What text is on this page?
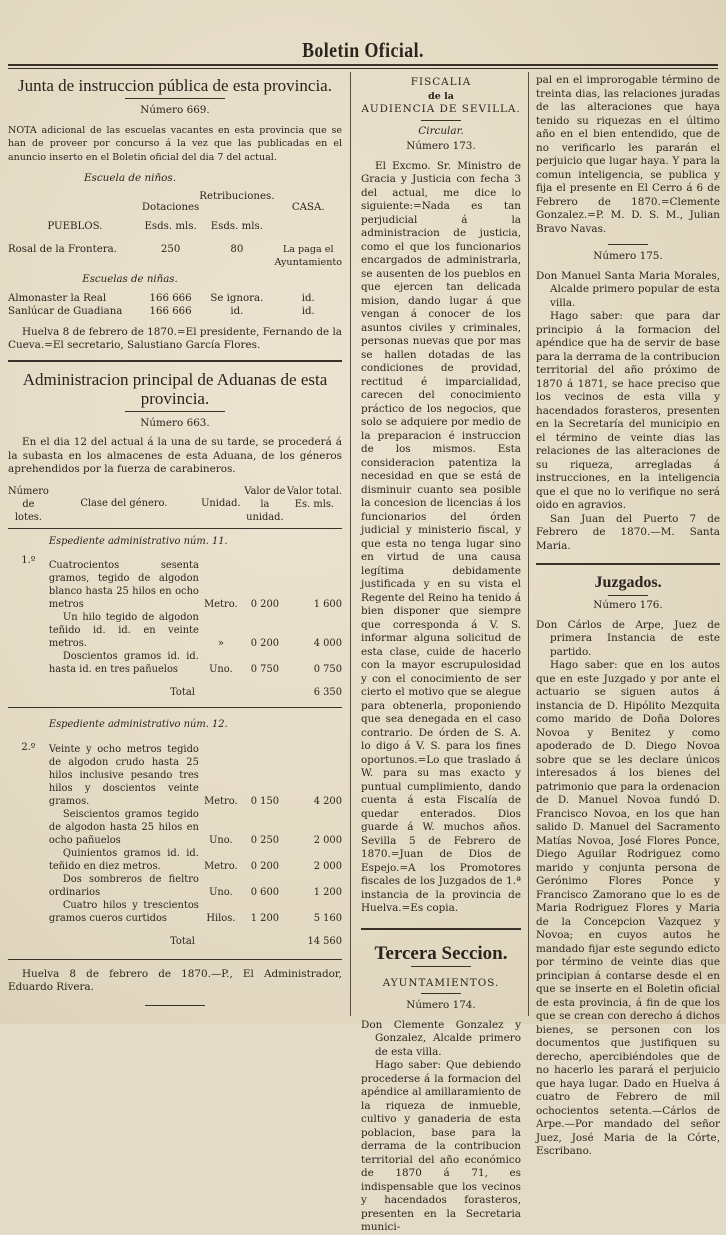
Boletin Oficial.
Junta de instruccion pública de esta provincia.
Número 669.

NOTA adicional de las escuelas vacantes en esta provincia que se han de proveer por concurso á la vez que las publicadas en el anuncio inserto en el Boletin oficial del dia 7 del actual.

Escuela de niños.
	Dotaciones	Retribuciones.	CASA.
PUEBLOS.	Esds. mls.	Esds. mls.	

Rosal de la Frontera.	250	80	La paga el Ayuntamiento
Escuelas de niñas.			
Almonaster la Real	166 666	Se ignora.	id.
Sanlúcar de Guadiana	166 666	id.	id.

Huelva 8 de febrero de 1870.=El presidente, Fernando de la Cueva.=El secretario, Salustiano García Flores.

Administracion principal de Aduanas de esta provincia.
Número 663.

En el dia 12 del actual á la una de su tarde, se procederá á la subasta en los almacenes de esta Aduana, de los géneros aprehendidos por la fuerza de carabineros.

Número de lotes.	Clase del género.	Unidad.	Valor de la unidad.	Valor total. Es. mls.

	Espediente administrativo núm. 11.			
1.º	Cuatrocientos sesenta gramos, tegido de algodon blanco hasta 25 hilos en ocho metros	Metro.	0 200	1 600
	Un hilo tegido de algodon teñido id. id. en veinte metros.	»	0 200	4 000
	Doscientos gramos id. id. hasta id. en tres pañuelos	Uno.	0 750	0 750
	Total			6 350

	Espediente administrativo núm. 12.			
2.º	Veinte y ocho metros tegido de algodon crudo hasta 25 hilos inclusive pesando tres hilos y doscientos veinte gramos.	Metro.	0 150	4 200
	Seiscientos gramos tegido de algodon hasta 25 hilos en ocho pañuelos	Uno.	0 250	2 000
	Quinientos gramos id. id. teñido en diez metros.	Metro.	0 200	2 000
	Dos sombreros de fieltro ordinarios	Uno.	0 600	1 200
	Cuatro hilos y trescientos gramos cueros curtidos	Hilos.	1 200	5 160
	Total			14 560

Huelva 8 de febrero de 1870.—P., El Administrador, Eduardo Rivera.

FISCALIA
de la
AUDIENCIA DE SEVILLA.
Circular.
Número 173.

El Excmo. Sr. Ministro de Gracia y Justicia con fecha 3 del actual, me dice lo siguiente:=Nada es tan perjudicial á la administracion de justicia, como el que los funcionarios encargados de administrarla, se ausenten de los pueblos en que ejercen tan delicada mision, dando lugar á que vengan á conocer de los asuntos civiles y criminales, personas nuevas que por mas se hallen dotadas de las condiciones de providad, rectitud é imparcialidad, carecen del conocimiento práctico de los negocios, que solo se adquiere por medio de la preparacion é instruccion de los mismos. Esta consideracion patentiza la necesidad en que se está de disminuir cuanto sea posible la concesion de licencias á los funcionarios del órden judicial y ministerio fiscal, y que esta no tenga lugar sino en virtud de una causa legítima debidamente justificada y en su vista el Regente del Reino ha tenido á bien disponer que siempre que corresponda á V. S. informar alguna solicitud de esta clase, cuide de hacerlo con la mayor escrupulosidad y con el conocimiento de ser cierto el motivo que se alegue para obtenerla, proponiendo que sea denegada en el caso contrario. De órden de S. A. lo digo á V. S. para los fines oportunos.=Lo que traslado á W. para su mas exacto y puntual cumplimiento, dando cuenta á esta Fiscalía de quedar enterados. Dios guarde á W. muchos años. Sevilla 5 de Febrero de 1870.=Juan de Dios de Espejo.=A los Promotores fiscales de los Juzgados de 1.ª instancia de la provincia de Huelva.=Es copia.

Tercera Seccion.
AYUNTAMIENTOS.
Número 174.

Don Clemente Gonzalez y Gonzalez, Alcalde primero de esta villa.

Hago saber: Que debiendo procederse á la formacion del apéndice al amillaramiento de la riqueza de inmueble, cultivo y ganaderia de esta poblacion, base para la derrama de la contribucion territorial del año económico de 1870 á 71, es indispensable que los vecinos y hacendados forasteros, presenten en la Secretaria munici-

pal en el improrogable término de treinta dias, las relaciones juradas de las alteraciones que haya tenido su riquezas en el último año en el bien entendido, que de no verificarlo les pararán el perjuicio que lugar haya. Y para la comun inteligencia, se publica y fija el presente en El Cerro á 6 de Febrero de 1870.=Clemente Gonzalez.=P. M. D. S. M., Julian Bravo Navas.

Número 175.

Don Manuel Santa Maria Morales, Alcalde primero popular de esta villa.

Hago saber: que para dar principio á la formacion del apéndice que ha de servir de base para la derrama de la contribucion territorial del año próximo de 1870 á 1871, se hace preciso que los vecinos de esta villa y hacendados forasteros, presenten en la Secretaría del municipio en el término de veinte dias las relaciones de las alteraciones de su riqueza, arregladas á instrucciones, en la inteligencia que el que no lo verifique no será oido en agravios.

San Juan del Puerto 7 de Febrero de 1870.—M. Santa Maria.

Juzgados.
Número 176.

Don Cárlos de Arpe, Juez de primera Instancia de este partido.

Hago saber: que en los autos que en este Juzgado y por ante el actuario se siguen autos á instancia de D. Hipólito Mezquita como marido de Doña Dolores Novoa y Benitez y como apoderado de D. Diego Novoa sobre que se les declare únicos interesados á los bienes del patrimonio que para la ordenacion de D. Manuel Novoa fundó D. Francisco Novoa, en los que han salido D. Manuel del Sacramento Matías Novoa, José Flores Ponce, Diego Aguilar Rodriguez como marido y conjunta persona de Gerónimo Flores Ponce y Francisco Zamorano que lo es de Maria Rodriguez Flores y Maria de la Concepcion Vazquez y Novoa; en cuyos autos he mandado fijar este segundo edicto por término de veinte dias que principian á contarse desde el en que se inserte en el Boletin oficial de esta provincia, á fin de que los que se crean con derecho á dichos bienes, se personen con los documentos que justifiquen su derecho, apercibiéndoles que de no hacerlo les parará el perjuicio que haya lugar. Dado en Huelva á cuatro de Febrero de mil ochocientos setenta.—Cárlos de Arpe.—Por mandado del señor Juez, José Maria de la Córte, Escribano.
